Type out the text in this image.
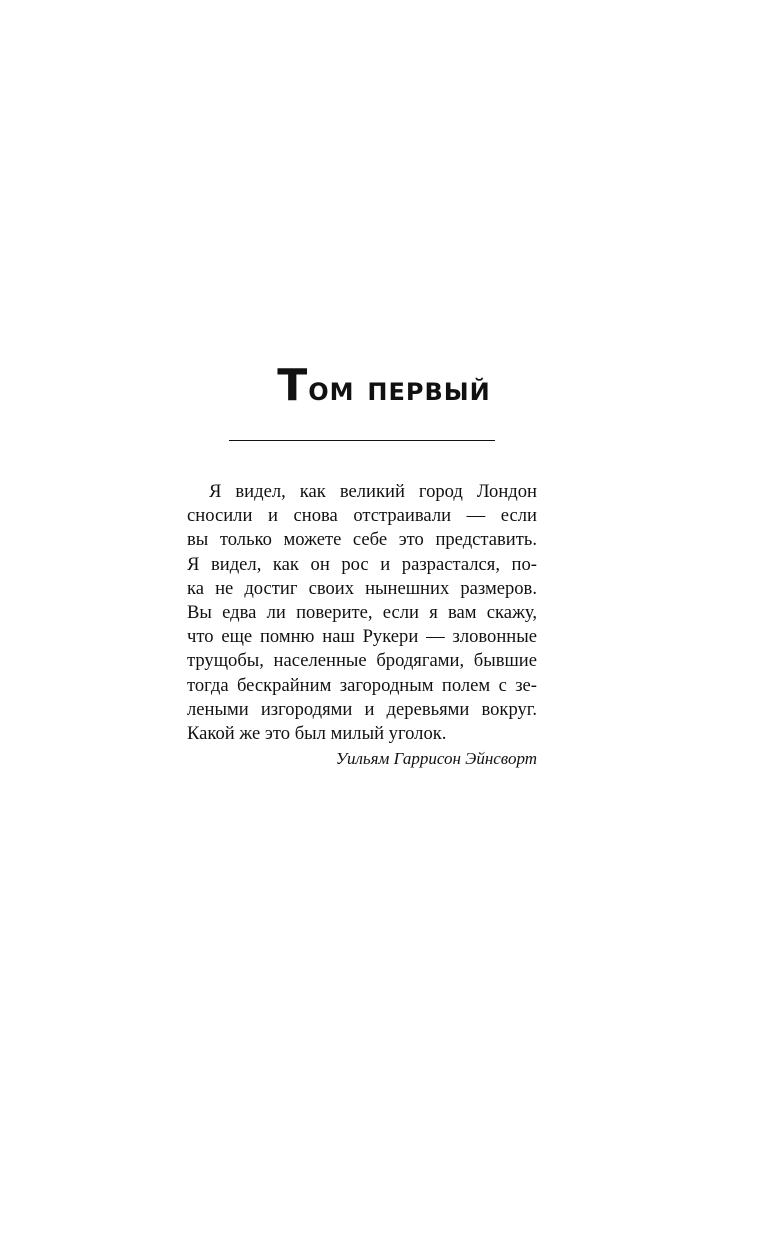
Том первый

Я видел, как великий город Лондон
сносили и снова отстраивали — если
вы только можете себе это представить.
Я видел, как он рос и разрастался, по-
ка не достиг своих нынешних размеров.
Вы едва ли поверите, если я вам скажу,
что еще помню наш Рукери — зловонные
трущобы, населенные бродягами, бывшие
тогда бескрайним загородным полем с зе-
леными изгородями и деревьями вокруг.
Какой же это был милый уголок.

Уильям Гаррисон Эйнсворт
